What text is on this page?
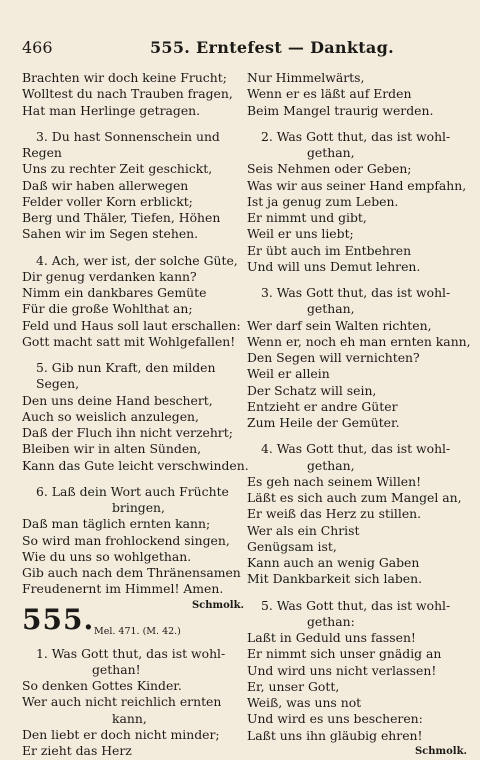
466	555. Erntefest — Danktag.
Brachten wir doch keine Frucht;
Wolltest du nach Trauben fragen,
Hat man Herlinge getragen.
3. Du hast Sonnenschein und
Regen
Uns zu rechter Zeit geschickt,
Daß wir haben allerwegen
Felder voller Korn erblickt;
Berg und Thäler, Tiefen, Höhen
Sahen wir im Segen stehen.
4. Ach, wer ist, der solche Güte,
Dir genug verdanken kann?
Nimm ein dankbares Gemüte
Für die große Wohlthat an;
Feld und Haus soll laut erschallen:
Gott macht satt mit Wohlgefallen!
5. Gib nun Kraft, den milden
Segen,
Den uns deine Hand beschert,
Auch so weislich anzulegen,
Daß der Fluch ihn nicht verzehrt;
Bleiben wir in alten Sünden,
Kann das Gute leicht verschwinden.
6. Laß dein Wort auch Früchte
bringen,
Daß man täglich ernten kann;
So wird man frohlockend singen,
Wie du uns so wohlgethan.
Gib auch nach dem Thränensamen
Freudenernt im Himmel! Amen.
Schmolk.
555. Mel. 471. (M. 42.)
1. Was Gott thut, das ist wohl-
gethan!
So denken Gottes Kinder.
Wer auch nicht reichlich ernten
kann,
Den liebt er doch nicht minder;
Er zieht das Herz
Nur Himmelwärts,
Wenn er es läßt auf Erden
Beim Mangel traurig werden.
2. Was Gott thut, das ist wohl-
gethan,
Seis Nehmen oder Geben;
Was wir aus seiner Hand empfahn,
Ist ja genug zum Leben.
Er nimmt und gibt,
Weil er uns liebt;
Er übt auch im Entbehren
Und will uns Demut lehren.
3. Was Gott thut, das ist wohl-
gethan,
Wer darf sein Walten richten,
Wenn er, noch eh man ernten kann,
Den Segen will vernichten?
Weil er allein
Der Schatz will sein,
Entzieht er andre Güter
Zum Heile der Gemüter.
4. Was Gott thut, das ist wohl-
gethan,
Es geh nach seinem Willen!
Läßt es sich auch zum Mangel an,
Er weiß das Herz zu stillen.
Wer als ein Christ
Genügsam ist,
Kann auch an wenig Gaben
Mit Dankbarkeit sich laben.
5. Was Gott thut, das ist wohl-
gethan:
Laßt in Geduld uns fassen!
Er nimmt sich unser gnädig an
Und wird uns nicht verlassen!
Er, unser Gott,
Weiß, was uns not
Und wird es uns bescheren:
Laßt uns ihn gläubig ehren!
Schmolk.
